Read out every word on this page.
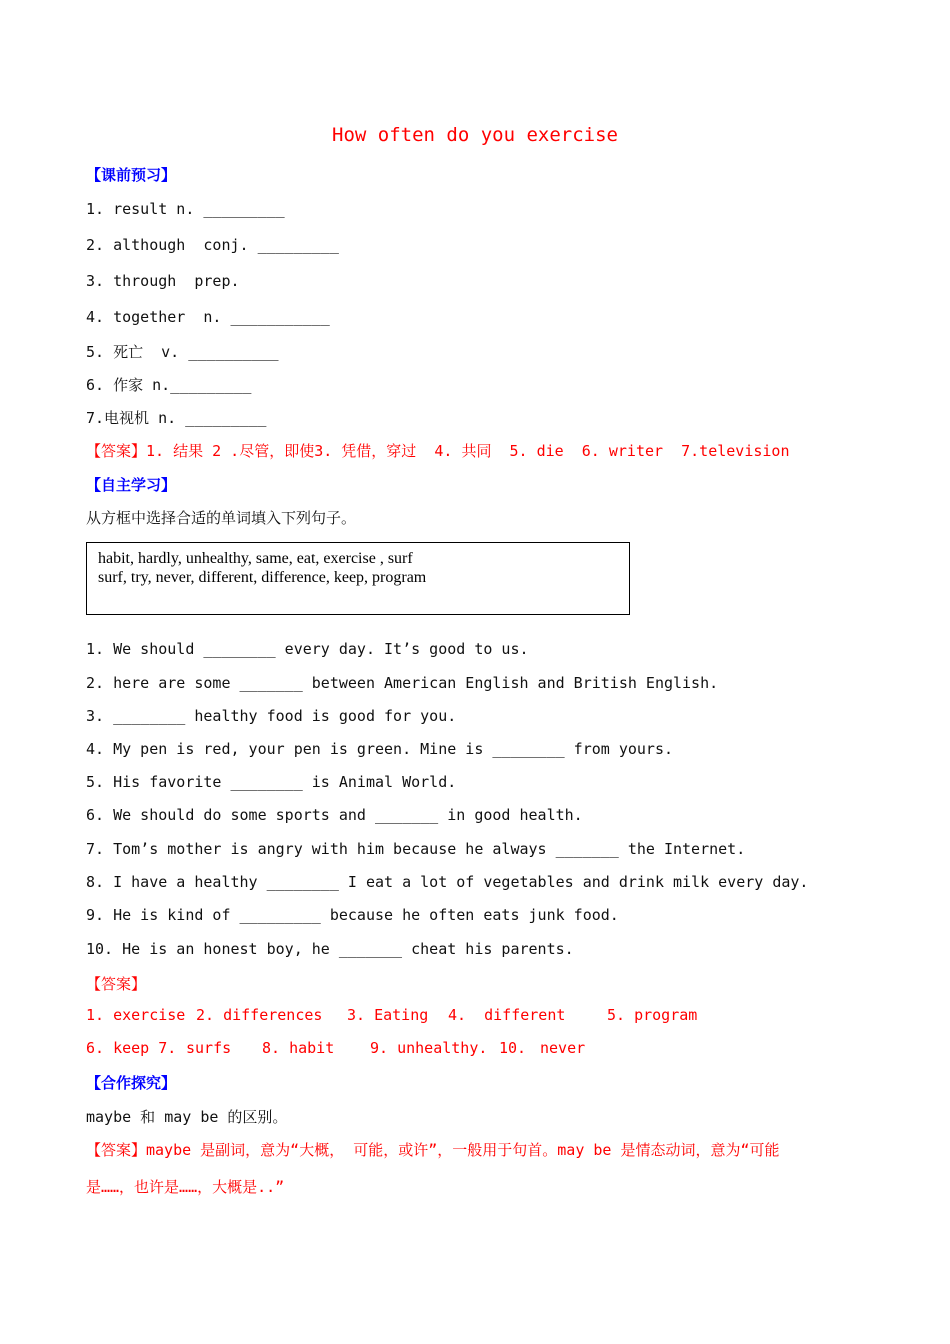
How often do you exercise
【课前预习】
1. result n. _________
2. although  conj. _________
3. through  prep.
4. together  n. ___________
5. 死亡  v. __________
6. 作家 n._________
7.电视机 n. _________
【答案】1. 结果 2 .尽管，即使3. 凭借，穿过  4. 共同  5. die  6. writer  7.television
【自主学习】
从方框中选择合适的单词填入下列句子。
habit, hardly, unhealthy, same, eat, exercise , surf
surf, try, never, different, difference, keep, program
1. We should ________ every day. It’s good to us.
2. here are some _______ between American English and British English.
3. ________ healthy food is good for you.
4. My pen is red, your pen is green. Mine is ________ from yours.
5. His favorite ________ is Animal World.
6. We should do some sports and _______ in good health.
7. Tom’s mother is angry with him because he always _______ the Internet.
8. I have a healthy ________ I eat a lot of vegetables and drink milk every day.
9. He is kind of _________ because he often eats junk food.
10. He is an honest boy, he _______ cheat his parents.
【答案】
1. exercise 2. differences 3. Eating 4.  different	5. program
6. keep 7. surfs 8. habit 9. unhealthy. 10. never
【合作探究】
maybe 和 may be 的区别。
【答案】maybe 是副词，意为“大概， 可能，或许”，一般用于句首。may be 是情态动词，意为“可能
是……，也许是……，大概是..”
